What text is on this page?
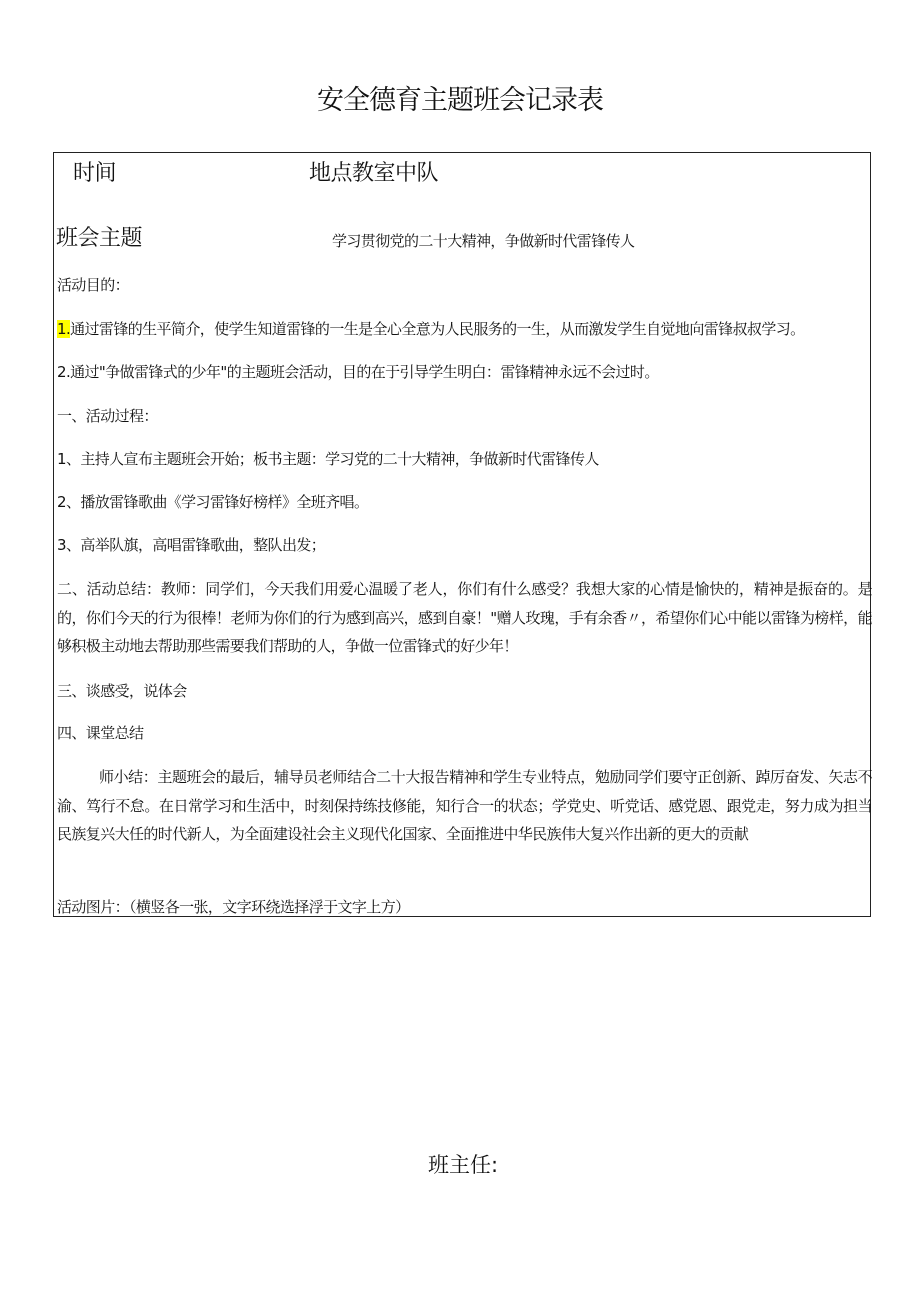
安全德育主题班会记录表
时间	地点教室中队
班会主题	学习贯彻党的二十大精神，争做新时代雷锋传人
活动目的：
1.通过雷锋的生平简介，使学生知道雷锋的一生是全心全意为人民服务的一生，从而激发学生自觉地向雷锋叔叔学习。
2.通过"争做雷锋式的少年"的主题班会活动，目的在于引导学生明白：雷锋精神永远不会过时。
一、活动过程：
1、主持人宣布主题班会开始；板书主题：学习党的二十大精神，争做新时代雷锋传人
2、播放雷锋歌曲《学习雷锋好榜样》全班齐唱。
3、高举队旗，高唱雷锋歌曲，整队出发；
二、活动总结：教师：同学们，今天我们用爱心温暖了老人，你们有什么感受？我想大家的心情是愉快的，精神是振奋的。是的，你们今天的行为很棒！老师为你们的行为感到高兴，感到自豪！"赠人玫瑰，手有余香〃，希望你们心中能以雷锋为榜样，能够积极主动地去帮助那些需要我们帮助的人，争做一位雷锋式的好少年！
三、谈感受，说体会
四、课堂总结
师小结：主题班会的最后，辅导员老师结合二十大报告精神和学生专业特点，勉励同学们要守正创新、踔厉奋发、矢志不渝、笃行不怠。在日常学习和生活中，时刻保持练技修能，知行合一的状态；学党史、听党话、感党恩、跟党走，努力成为担当民族复兴大任的时代新人，为全面建设社会主义现代化国家、全面推进中华民族伟大复兴作出新的更大的贡献
活动图片：（横竖各一张，文字环绕选择浮于文字上方）
班主任:
